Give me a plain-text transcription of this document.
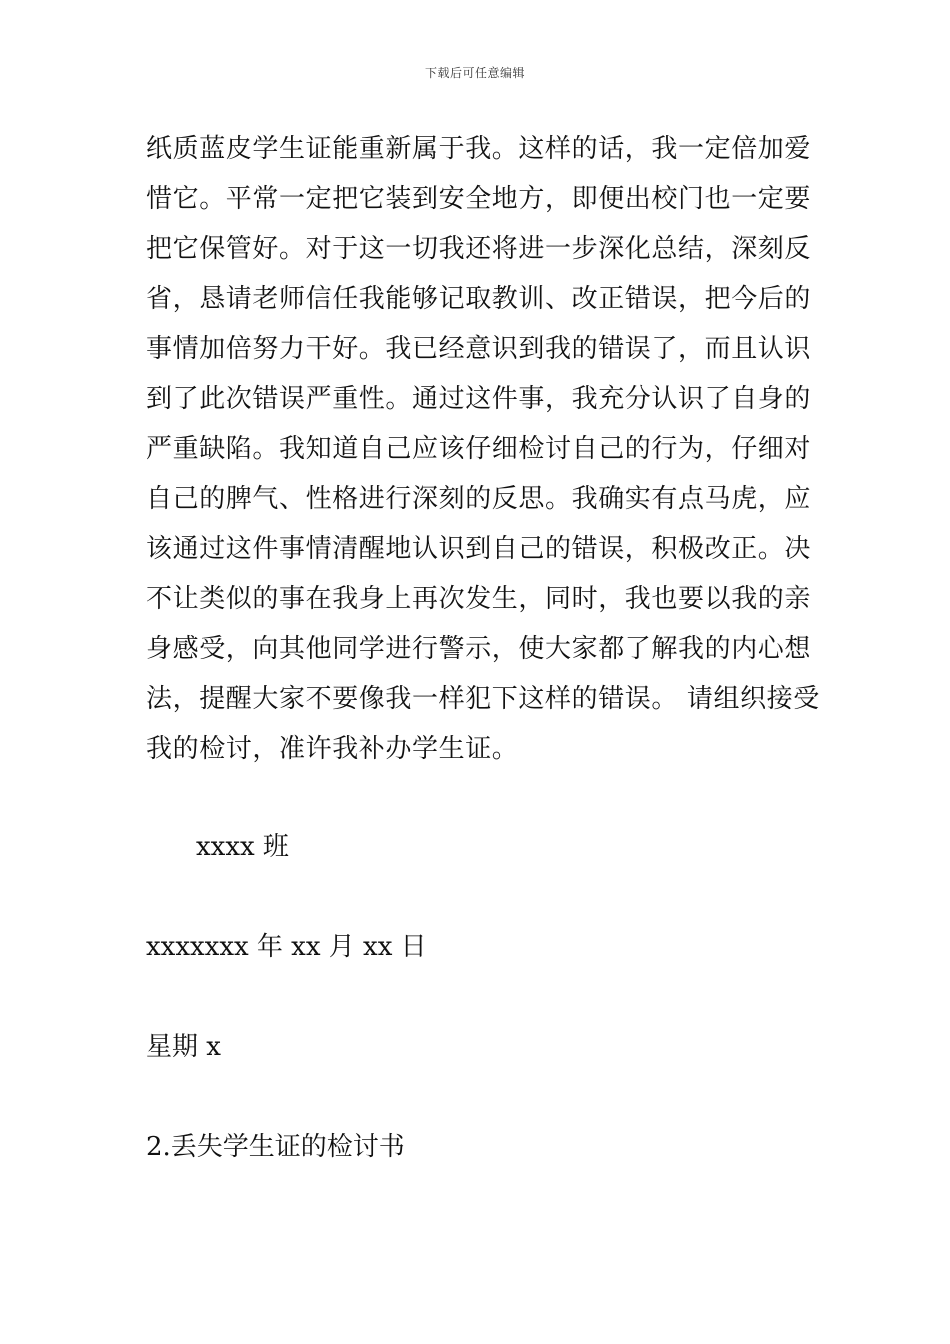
下载后可任意编辑
纸质蓝皮学生证能重新属于我。这样的话，我一定倍加爱
惜它。平常一定把它装到安全地方，即便出校门也一定要
把它保管好。对于这一切我还将进一步深化总结，深刻反
省，恳请老师信任我能够记取教训、改正错误，把今后的
事情加倍努力干好。我已经意识到我的错误了，而且认识
到了此次错误严重性。通过这件事，我充分认识了自身的
严重缺陷。我知道自己应该仔细检讨自己的行为，仔细对
自己的脾气、性格进行深刻的反思。我确实有点马虎，应
该通过这件事情清醒地认识到自己的错误，积极改正。决
不让类似的事在我身上再次发生，同时，我也要以我的亲
身感受，向其他同学进行警示，使大家都了解我的内心想
法，提醒大家不要像我一样犯下这样的错误。 请组织接受
我的检讨，准许我补办学生证。
xxxx 班
xxxxxxx 年 xx 月 xx 日
星期 x
2.丢失学生证的检讨书
